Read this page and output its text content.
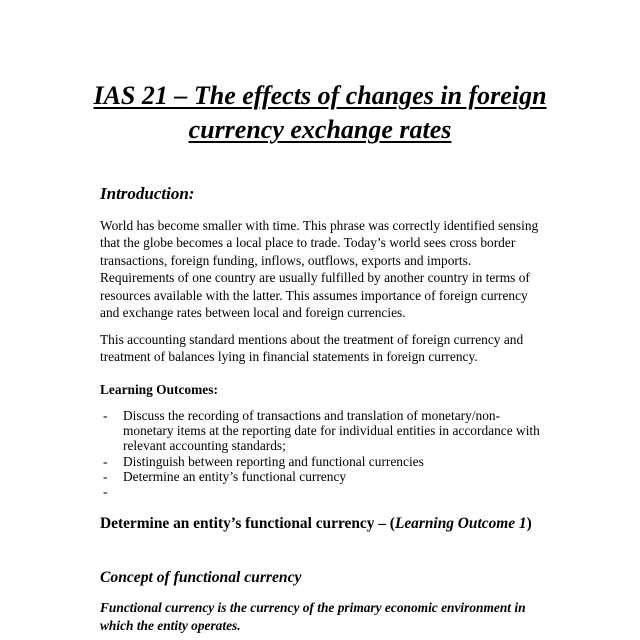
IAS 21 – The effects of changes in foreign
currency exchange rates
Introduction:
World has become smaller with time. This phrase was correctly identified sensing
that the globe becomes a local place to trade. Today’s world sees cross border
transactions, foreign funding, inflows, outflows, exports and imports.
Requirements of one country are usually fulfilled by another country in terms of
resources available with the latter. This assumes importance of foreign currency
and exchange rates between local and foreign currencies.
This accounting standard mentions about the treatment of foreign currency and
treatment of balances lying in financial statements in foreign currency.
Learning Outcomes:
- Discuss the recording of transactions and translation of monetary/non-
monetary items at the reporting date for individual entities in accordance with
relevant accounting standards;
- Distinguish between reporting and functional currencies
- Determine an entity’s functional currency
-

Determine an entity’s functional currency – (Learning Outcome 1)
Concept of functional currency
Functional currency is the currency of the primary economic environment in
which the entity operates.
